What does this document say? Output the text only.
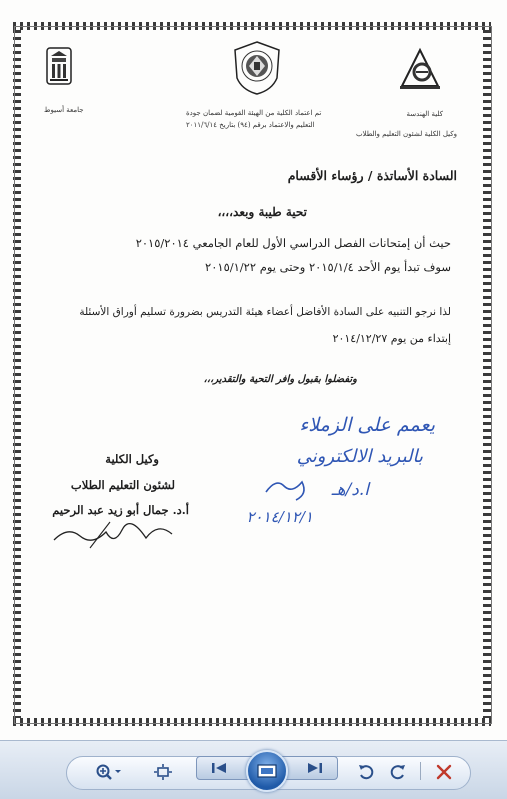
جامعة أسيوط	تم اعتماد الكلية من الهيئة القومية لضمان جودة
التعليم والاعتماد برقم (٩٤) بتاريخ ٢٠١١/٦/١٤
كلية الهندسة
وكيل الكلية لشئون التعليم والطلاب
السادة الأساتذة / رؤساء الأقسام
تحية طيبة وبعد،،،،
حيث أن إمتحانات الفصل الدراسي الأول للعام الجامعي ٢٠١٥/٢٠١٤
سوف تبدأ يوم الأحد ٢٠١٥/١/٤ وحتى يوم ٢٠١٥/١/٢٢
لذا نرجو التنبيه على السادة الأفاضل أعضاء هيئة التدريس بضرورة تسليم أوراق الأسئلة
إبتداء من يوم ٢٠١٤/١٢/٢٧
وتفضلوا بقبول وافر التحية والتقدير،،،
يعمم على الزملاء
بالبريد الالكتروني
ا.د/هـ
٢٠١٤/١٢/١
وكيل الكلية
لشئون التعليم الطلاب
أ.د. جمال أبو زيد عبد الرحيم
